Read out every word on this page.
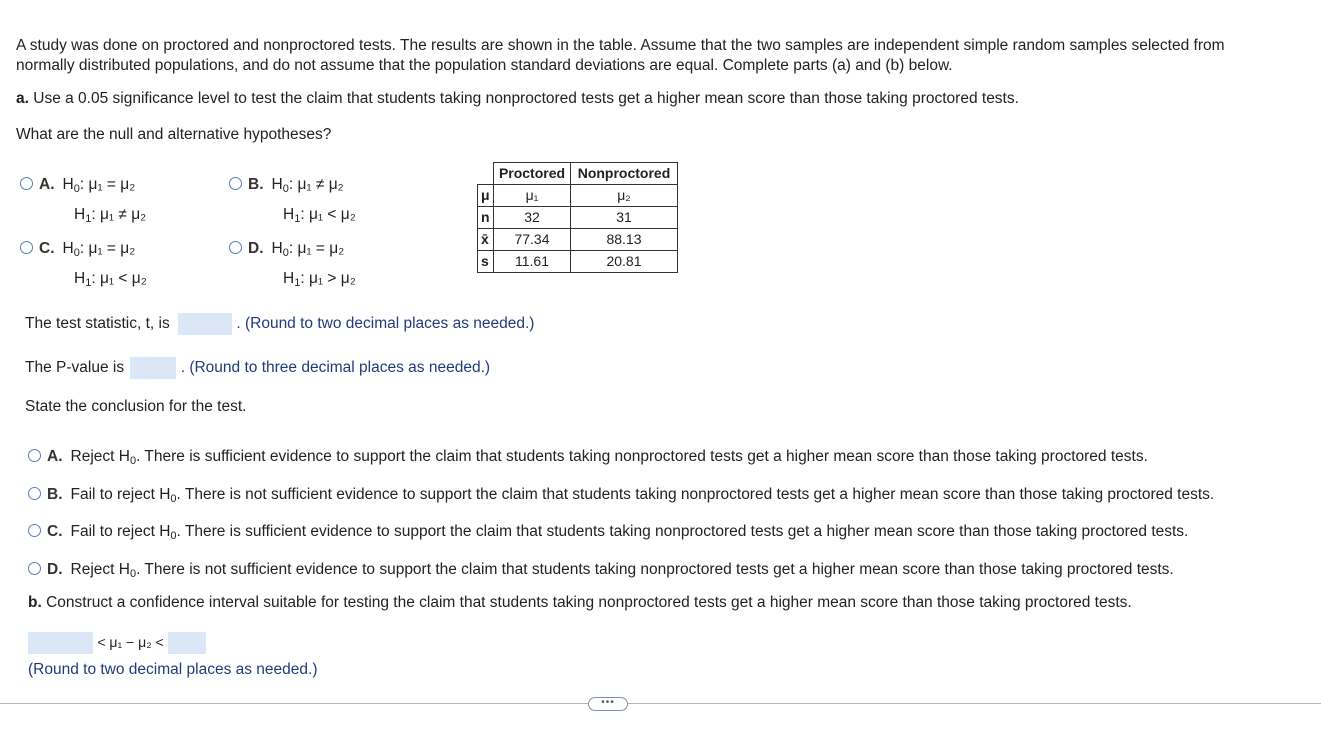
A study was done on proctored and nonproctored tests. The results are shown in the table. Assume that the two samples are independent simple random samples selected from
normally distributed populations, and do not assume that the population standard deviations are equal. Complete parts (a) and (b) below.
a. Use a 0.05 significance level to test the claim that students taking nonproctored tests get a higher mean score than those taking proctored tests.
What are the null and alternative hypotheses?
A. $H_0$: μ₁ = μ₂
$H_1$: μ₁ ≠ μ₂
B. $H_0$: μ₁ ≠ μ₂
$H_1$: μ₁ < μ₂
C. $H_0$: μ₁ = μ₂
$H_1$: μ₁ < μ₂
D. $H_0$: μ₁ = μ₂
$H_1$: μ₁ > μ₂
	Proctored	Nonproctored
μ	μ₁	μ₂
n	32	31
x̄	77.34	88.13
s	11.61	20.81
The test statistic, t, is	. (Round to two decimal places as needed.)
The P-value is	. (Round to three decimal places as needed.)
State the conclusion for the test.
A. Reject $H_0$. There is sufficient evidence to support the claim that students taking nonproctored tests get a higher mean score than those taking proctored tests.
B. Fail to reject $H_0$. There is not sufficient evidence to support the claim that students taking nonproctored tests get a higher mean score than those taking proctored tests.
C. Fail to reject $H_0$. There is sufficient evidence to support the claim that students taking nonproctored tests get a higher mean score than those taking proctored tests.
D. Reject $H_0$. There is not sufficient evidence to support the claim that students taking nonproctored tests get a higher mean score than those taking proctored tests.
b. Construct a confidence interval suitable for testing the claim that students taking nonproctored tests get a higher mean score than those taking proctored tests.
< μ₁ − μ₂ <
(Round to two decimal places as needed.)
•••
